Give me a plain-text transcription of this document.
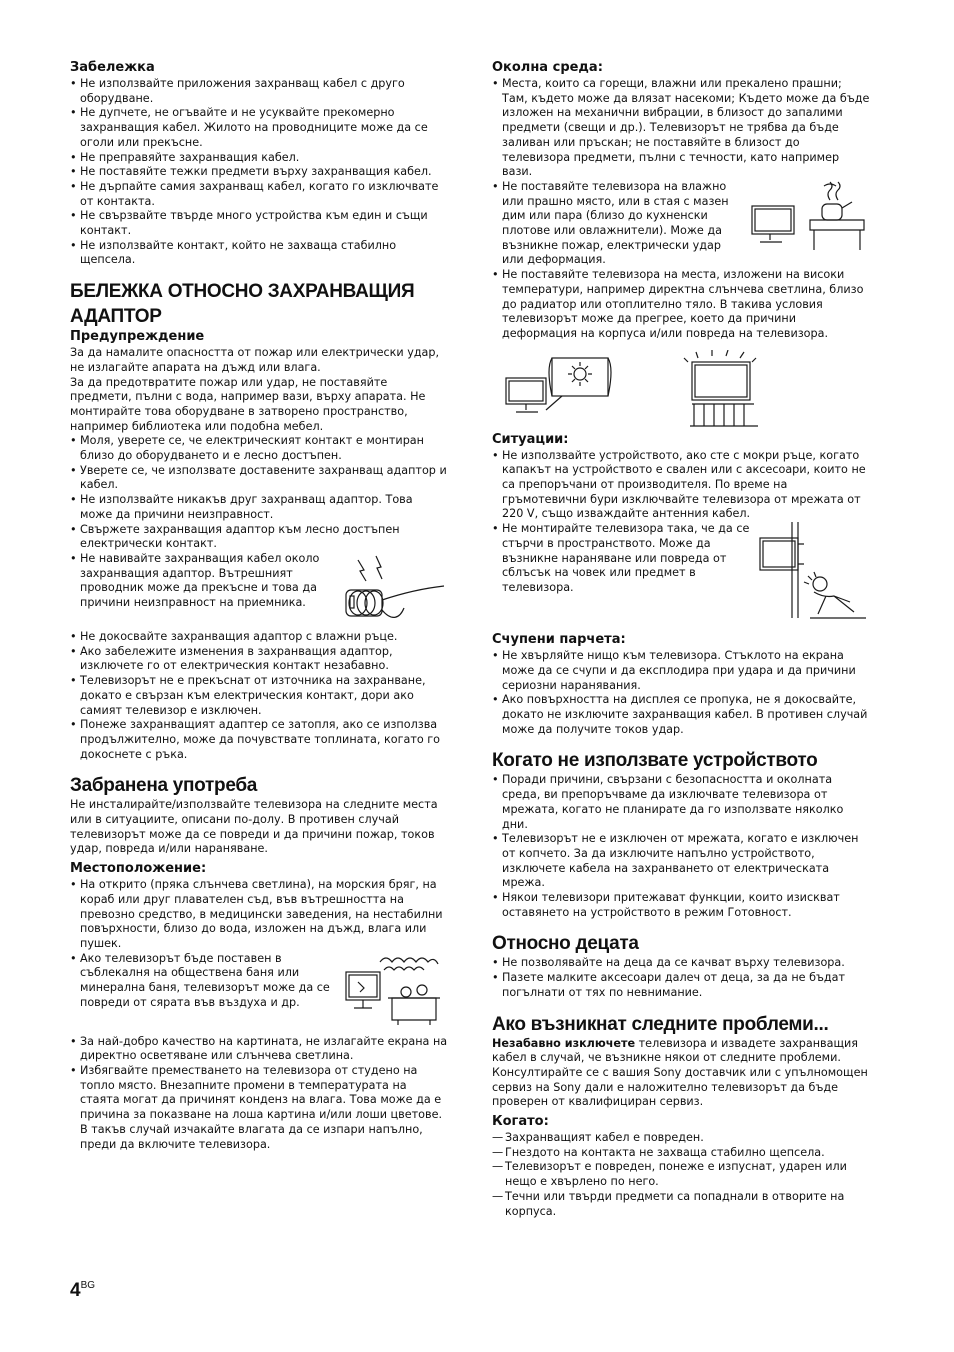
Забележка
• Не използвайте приложения захранващ кабел с друго оборудване.
• Не дупчете, не огъвайте и не усуквайте прекомерно захранващия кабел. Жилото на проводниците може да се оголи или прекъсне.
• Не преправяйте захранващия кабел.
• Не поставяйте тежки предмети върху захранващия кабел.
• Не дърпайте самия захранващ кабел, когато го изключвате от контакта.
• Не свързвайте твърде много устройства към един и същи контакт.
• Не използвайте контакт, който не захваща стабилно щепсела.
БЕЛЕЖКА ОТНОСНО ЗАХРАНВАЩИЯ АДАПТОР
Предупреждение

За да намалите опасността от пожар или електрически удар, не излагайте апарата на дъжд или влага.

За да предотвратите пожар или удар, не поставяйте предмети, пълни с вода, например вази, върху апарата. Не монтирайте това оборудване в затворено пространство, например библиотека или подобна мебел.

• Моля, уверете се, че електрическият контакт е монтиран близо до оборудването и е лесно достъпен.
• Уверете се, че използвате доставените захранващ адаптор и кабел.
• Не използвайте никакъв друг захранващ адаптор. Това може да причини неизправност.
• Свържете захранващия адаптор към лесно достъпен електрически контакт.
• Не навивайте захранващия кабел около захранващия адаптор. Вътрешният проводник може да прекъсне и това да причини неизправност на приемника.
• Не докосвайте захранващия адаптор с влажни ръце.
• Ако забележите изменения в захранващия адаптор, изключете го от електрическия контакт незабавно.
• Телевизорът не е прекъснат от източника на захранване, докато е свързан към електрическия контакт, дори ако самият телевизор е изключен.
• Понеже захранващият адаптер се затопля, ако се използва продължително, може да почувствате топлината, когато го докоснете с ръка.
Забранена употреба

Не инсталирайте/използвайте телевизора на следните места или в ситуациите, описани по-долу. В противен случай телевизорът може да се повреди и да причини пожар, токов удар, повреда и/или нараняване.

Местоположение:
• На открито (пряка слънчева светлина), на морския бряг, на кораб или друг плавателен съд, във вътрешността на превозно средство, в медицински заведения, на нестабилни повърхности, близо до вода, изложен на дъжд, влага или пушек.
• Ако телевизорът бъде поставен в съблекалня на обществена баня или минерална баня, телевизорът може да се повреди от сярата във въздуха и др.
• За най-добро качество на картината, не излагайте екрана на директно осветяване или слънчева светлина.
• Избягвайте преместването на телевизора от студено на топло място. Внезапните промени в температурата на стаята могат да причинят конденз на влага. Това може да е причина за показване на лоша картина и/или лоши цветове. В такъв случай изчакайте влагата да се изпари напълно, преди да включите телевизора.
Околна среда:
• Места, които са горещи, влажни или прекалено прашни; Там, където може да влязат насекоми; Където може да бъде изложен на механични вибрации, в близост до запалими предмети (свещи и др.). Телевизорът не трябва да бъде заливан или пръскан; не поставяйте в близост до телевизора предмети, пълни с течности, като например вази.
• Не поставяйте телевизора на влажно или прашно място, или в стая с мазен дим или пара (близо до кухненски плотове или овлажнители). Може да възникне пожар, електрически удар или деформация.
• Не поставяйте телевизора на места, изложени на високи температури, например директна слънчева светлина, близо до радиатор или отоплително тяло. В такива условия телевизорът може да прегрее, което да причини деформация на корпуса и/или повреда на телевизора.
Ситуации:
• Не използвайте устройството, ако сте с мокри ръце, когато капакът на устройството е свален или с аксесоари, които не са препоръчани от производителя. По време на гръмотевични бури изключвайте телевизора от мрежата от 220 V, също изваждайте антенния кабел.
• Не монтирайте телевизора така, че да се стърчи в пространството. Може да възникне нараняване или повреда от сблъсък на човек или предмет в телевизора.
Счупени парчета:
• Не хвърляйте нищо към телевизора. Стъклото на екрана може да се счупи и да експлодира при удара и да причини сериозни наранявания.
• Ако повърхността на дисплея се пропука, не я докосвайте, докато не изключите захранващия кабел. В противен случай може да получите токов удар.
Когато не използвате устройството
• Поради причини, свързани с безопасността и околната среда, ви препоръчваме да изключвате телевизора от мрежата, когато не планирате да го използвате няколко дни.
• Телевизорът не е изключен от мрежата, когато е изключен от копчето. За да изключите напълно устройството, изключете кабела на захранването от електрическата мрежа.
• Някои телевизори притежават функции, които изискват оставянето на устройството в режим Готовност.
Относно децата
• Не позволявайте на деца да се качват върху телевизора.
• Пазете малките аксесоари далеч от деца, за да не бъдат погълнати от тях по невнимание.
Ако възникнат следните проблеми...

Незабавно изключете телевизора и извадете захранващия кабел в случай, че възникне някои от следните проблеми. Консултирайте се с вашия Sony доставчик или с упълномощен сервиз на Sony дали е наложително телевизорът да бъде проверен от квалифициран сервиз.

Когато:
— Захранващият кабел е повреден.
— Гнездото на контакта не захваща стабилно щепсела.
— Телевизорът е повреден, понеже е изпуснат, ударен или нещо е хвърлено по него.
— Течни или твърди предмети са попаднали в отворите на корпуса.
$4^{BG}$
